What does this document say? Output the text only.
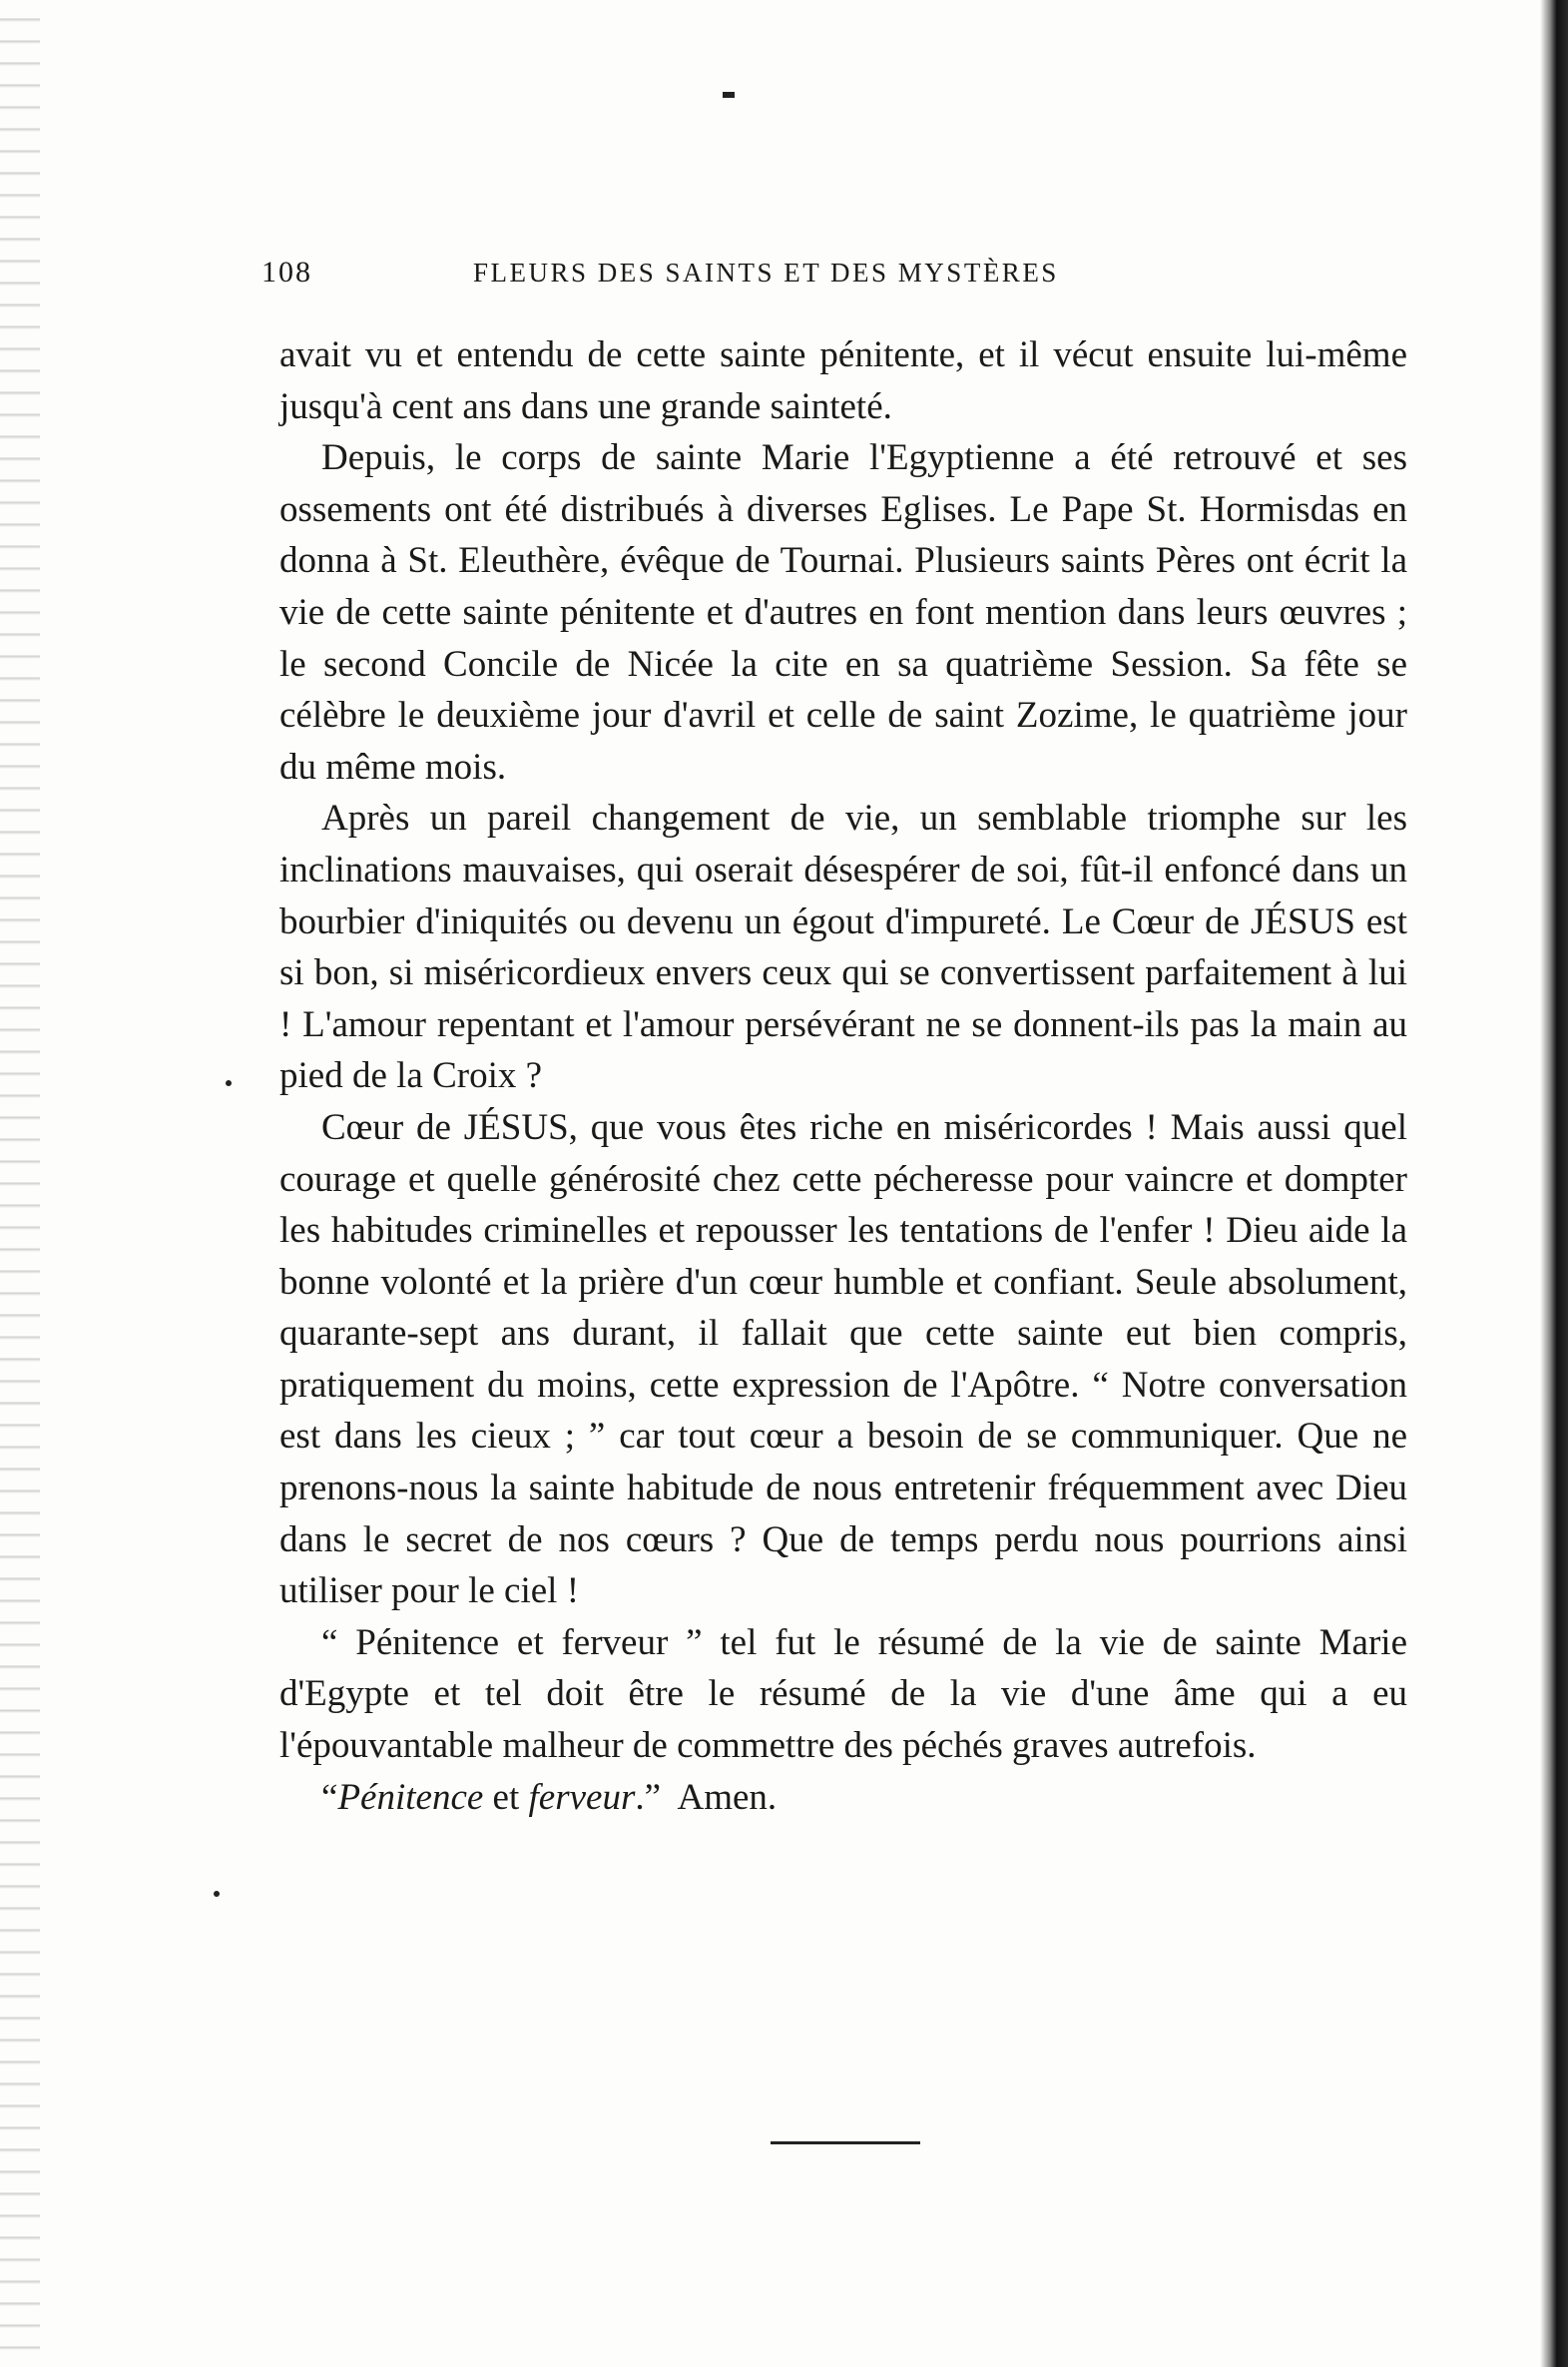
108	FLEURS DES SAINTS ET DES MYSTÈRES

avait vu et entendu de cette sainte pénitente, et il vécut ensuite lui-même jusqu'à cent ans dans une grande sainteté.

Depuis, le corps de sainte Marie l'Egyptienne a été retrouvé et ses ossements ont été distribués à diverses Eglises. Le Pape St. Hormisdas en donna à St. Eleuthère, évêque de Tournai. Plusieurs saints Pères ont écrit la vie de cette sainte pénitente et d'autres en font mention dans leurs œuvres ; le second Concile de Nicée la cite en sa quatrième Session. Sa fête se célèbre le deuxième jour d'avril et celle de saint Zozime, le quatrième jour du même mois.

Après un pareil changement de vie, un semblable triomphe sur les inclinations mauvaises, qui oserait désespérer de soi, fût-il enfoncé dans un bourbier d'iniquités ou devenu un égout d'impureté. Le Cœur de JÉSUS est si bon, si miséricordieux envers ceux qui se convertissent parfaitement à lui ! L'amour repentant et l'amour persévérant ne se donnent-ils pas la main au pied de la Croix ?

Cœur de JÉSUS, que vous êtes riche en miséricordes ! Mais aussi quel courage et quelle générosité chez cette pécheresse pour vaincre et dompter les habitudes criminelles et repousser les tentations de l'enfer ! Dieu aide la bonne volonté et la prière d'un cœur humble et confiant. Seule absolument, quarante-sept ans durant, il fallait que cette sainte eut bien compris, pratiquement du moins, cette expression de l'Apôtre. “ Notre conversation est dans les cieux ; ” car tout cœur a besoin de se communiquer. Que ne prenons-nous la sainte habitude de nous entretenir fréquemment avec Dieu dans le secret de nos cœurs ? Que de temps perdu nous pourrions ainsi utiliser pour le ciel !

“ Pénitence et ferveur ” tel fut le résumé de la vie de sainte Marie d'Egypte et tel doit être le résumé de la vie d'une âme qui a eu l'épouvantable malheur de commettre des péchés graves autrefois.

“Pénitence et ferveur.”  Amen.
